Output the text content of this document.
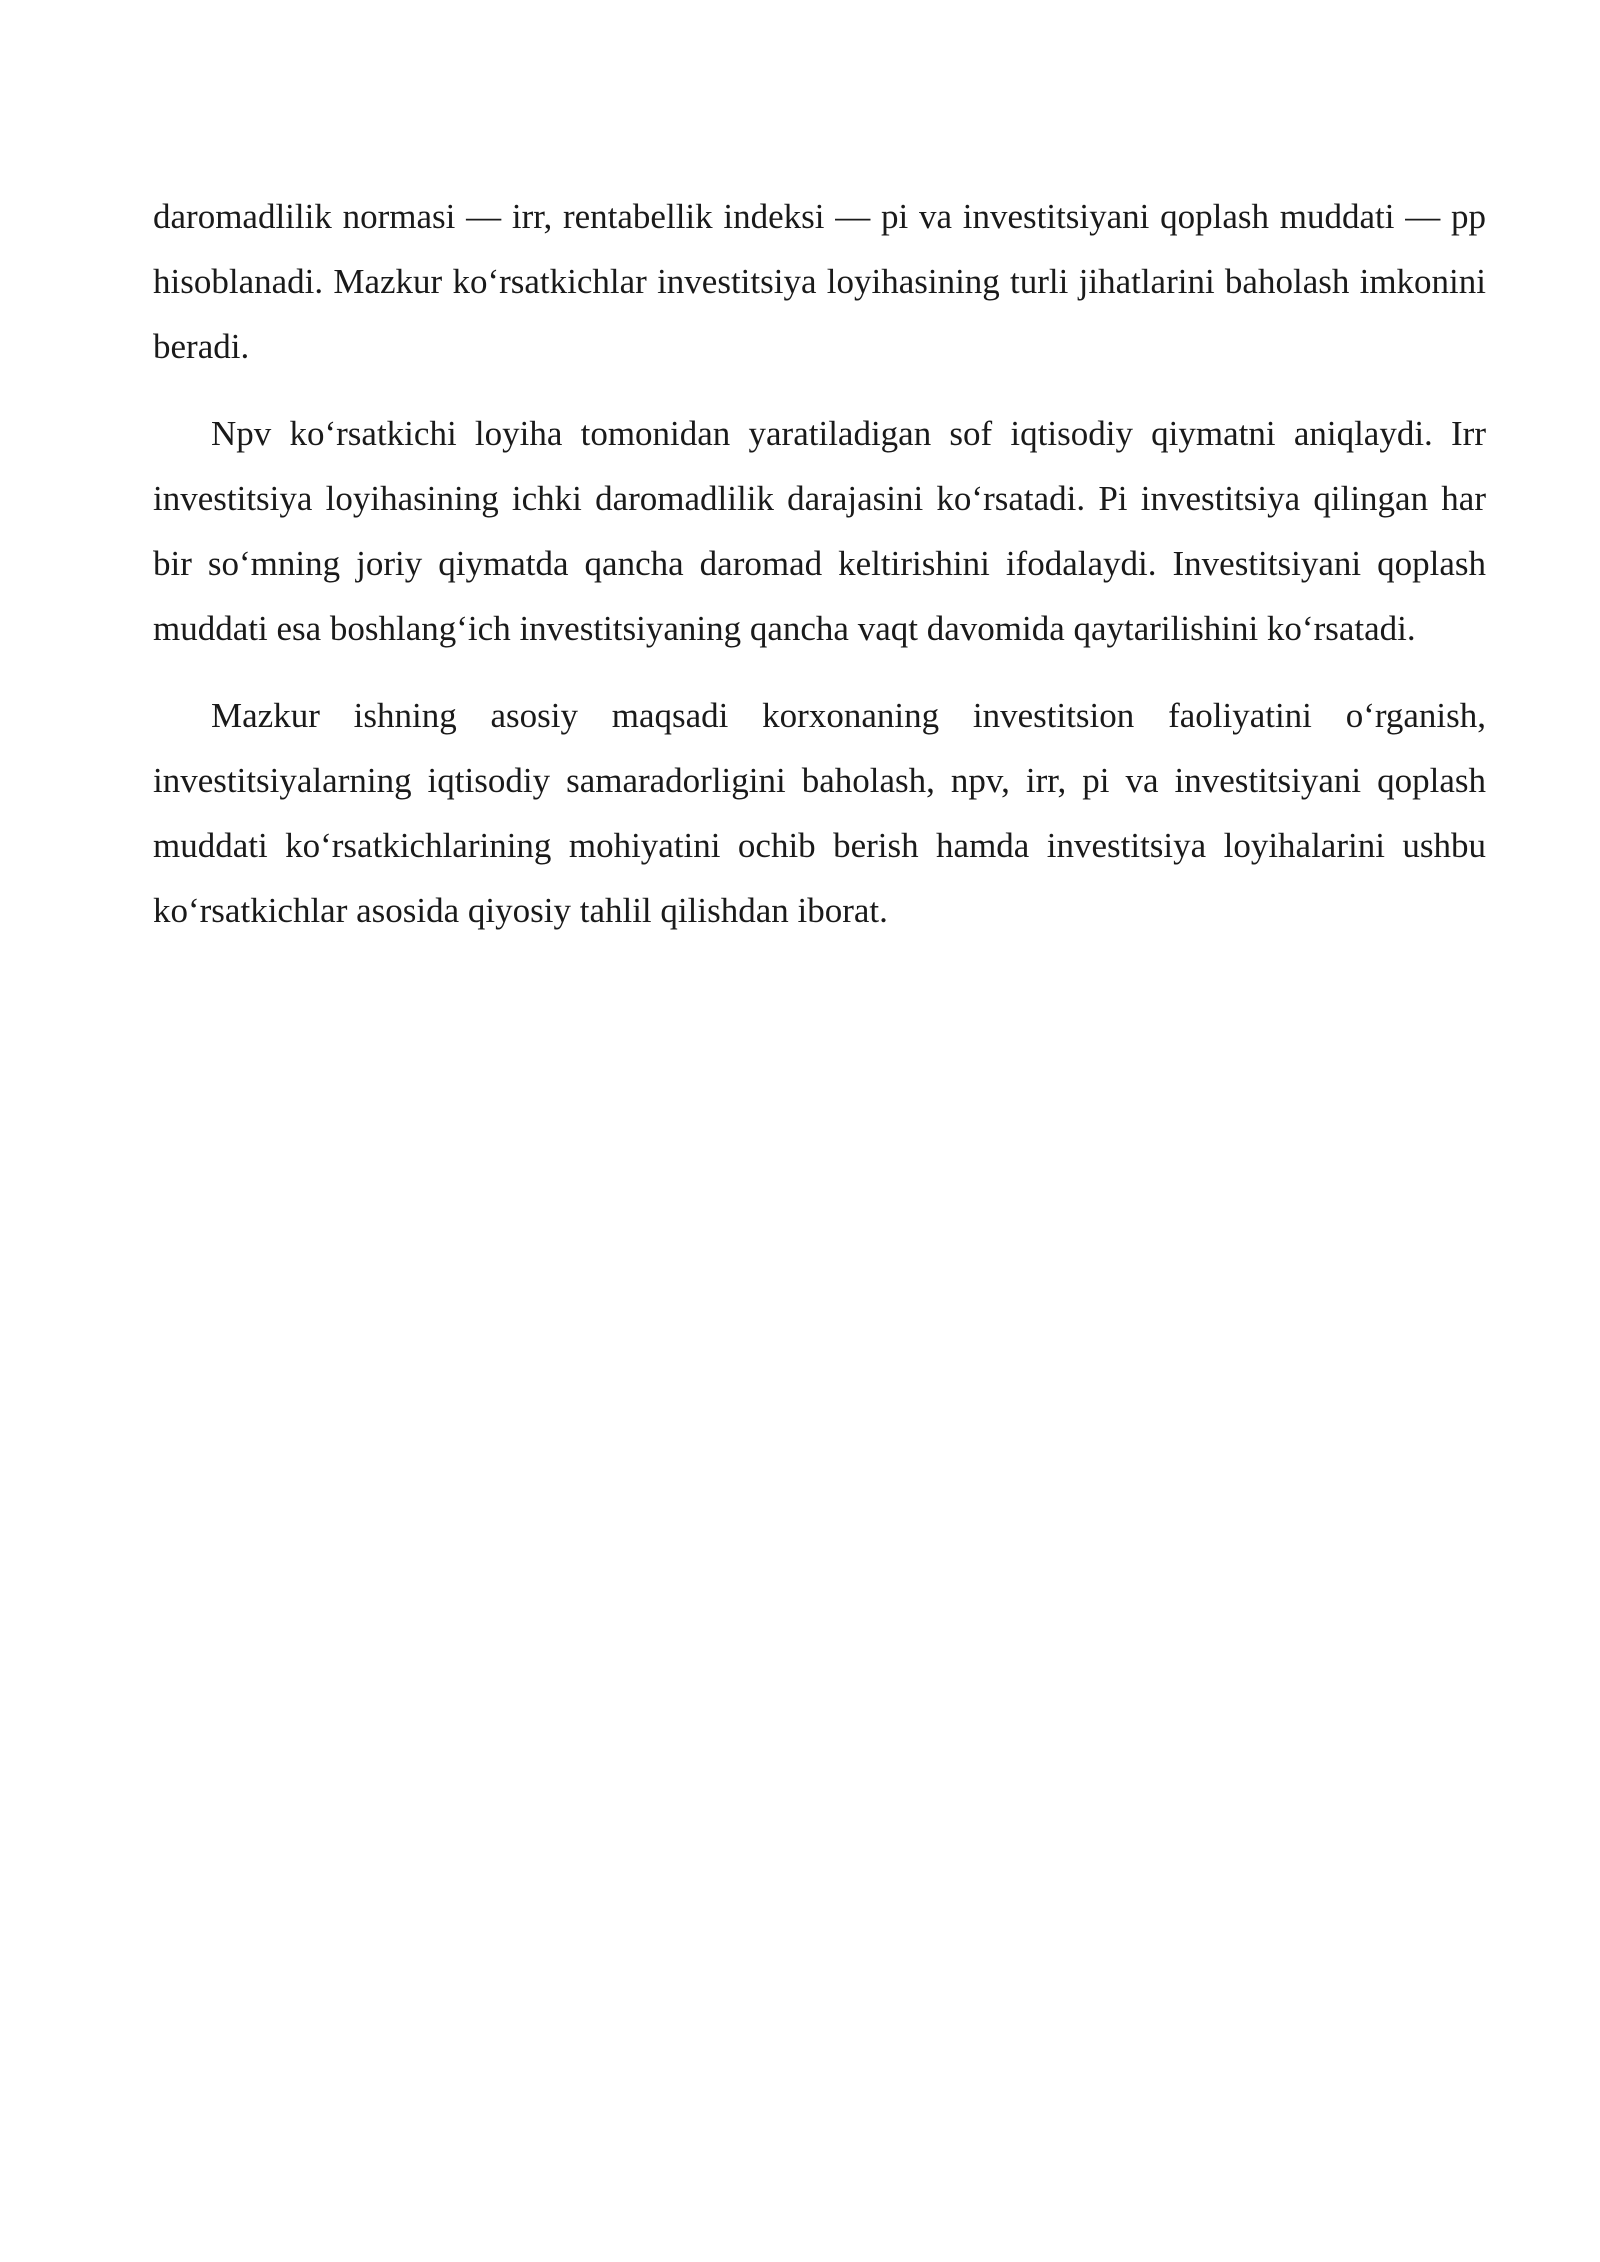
daromadlilik normasi — irr, rentabellik indeksi — pi va investitsiyani qoplash muddati — pp hisoblanadi. Mazkur ko‘rsatkichlar investitsiya loyihasining turli jihatlarini baholash imkonini beradi.

Npv ko‘rsatkichi loyiha tomonidan yaratiladigan sof iqtisodiy qiymatni aniqlaydi. Irr investitsiya loyihasining ichki daromadlilik darajasini ko‘rsatadi. Pi investitsiya qilingan har bir so‘mning joriy qiymatda qancha daromad keltirishini ifodalaydi. Investitsiyani qoplash muddati esa boshlang‘ich investitsiyaning qancha vaqt davomida qaytarilishini ko‘rsatadi.

Mazkur ishning asosiy maqsadi korxonaning investitsion faoliyatini o‘rganish, investitsiyalarning iqtisodiy samaradorligini baholash, npv, irr, pi va investitsiyani qoplash muddati ko‘rsatkichlarining mohiyatini ochib berish hamda investitsiya loyihalarini ushbu ko‘rsatkichlar asosida qiyosiy tahlil qilishdan iborat.
